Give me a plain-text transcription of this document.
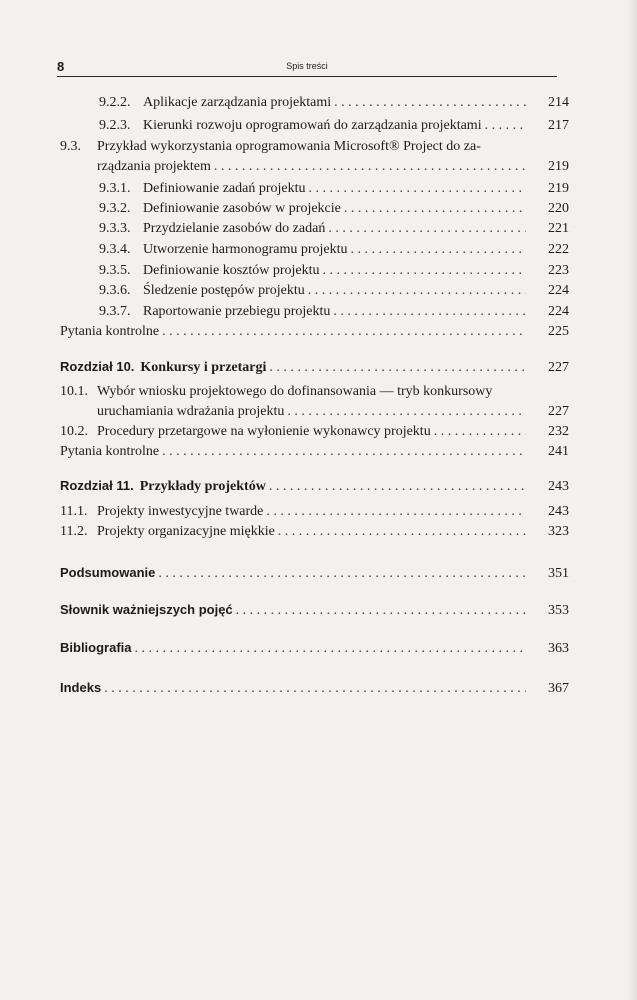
8	Spis treści
9.2.2. Aplikacje zarządzania projektami . . .	214
9.2.3. Kierunki rozwoju oprogramowań do zarządzania projektami . . .	217
9.3.	Przykład wykorzystania oprogramowania Microsoft® Project do za-
rządzania projektem . . .	219
9.3.1. Definiowanie zadań projektu . . .	219
9.3.2. Definiowanie zasobów w projekcie . . .	220
9.3.3. Przydzielanie zasobów do zadań . . .	221
9.3.4. Utworzenie harmonogramu projektu . . .	222
9.3.5. Definiowanie kosztów projektu . . .	223
9.3.6. Śledzenie postępów projektu . . .	224
9.3.7. Raportowanie przebiegu projektu . . .	224
Pytania kontrolne . . .	225
Rozdział 10. Konkursy i przetargi . . .	227
10.1. Wybór wniosku projektowego do dofinansowania — tryb konkursowy
uruchamiania wdrażania projektu . . .	227
10.2. Procedury przetargowe na wyłonienie wykonawcy projektu . . .	232
Pytania kontrolne . . .	241
Rozdział 11. Przykłady projektów . . .	243
11.1. Projekty inwestycyjne twarde . . .	243
11.2. Projekty organizacyjne miękkie . . .	323
Podsumowanie . . .	351
Słownik ważniejszych pojęć . . .	353
Bibliografia . . .	363
Indeks . . .	367
